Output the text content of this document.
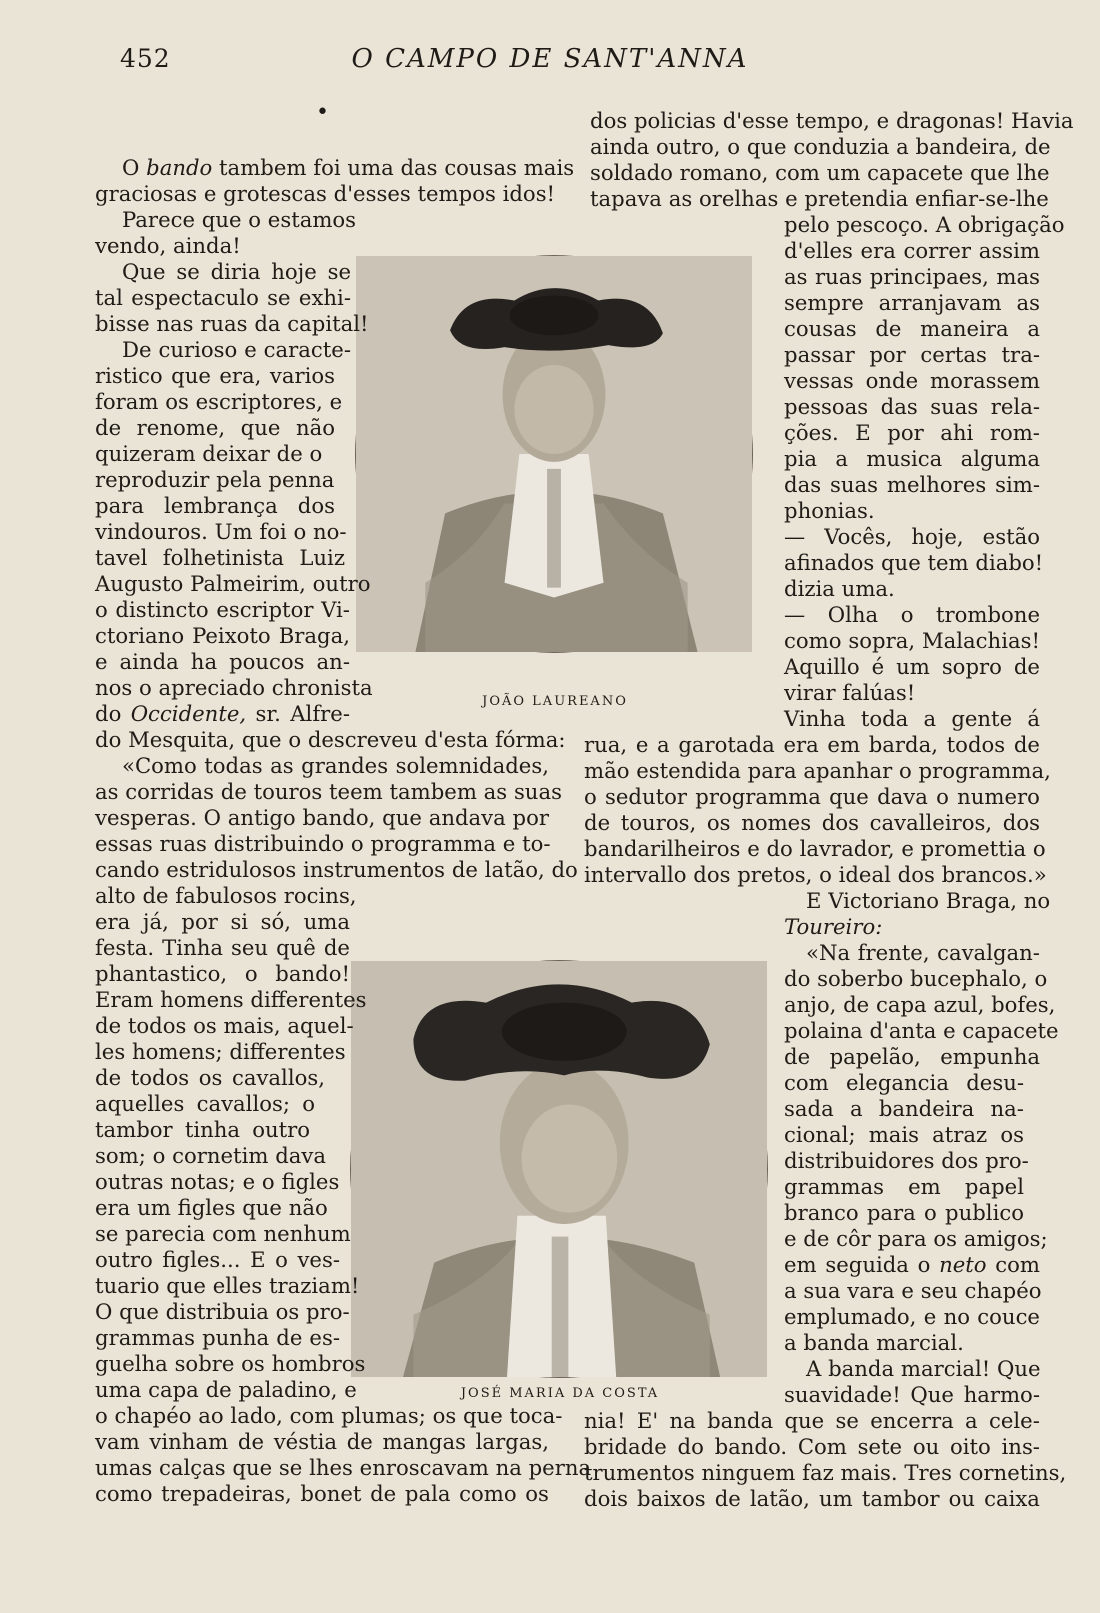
452	O CAMPO DE SANT'ANNA
•
JOÃO LAUREANO
JOSÉ MARIA DA COSTA
dos policias d'esse tempo, e dragonas! Havia
ainda outro, o que conduzia a bandeira, de
O bando tambem foi uma das cousas mais soldado romano, com um capacete que lhe
graciosas e grotescas d'esses tempos idos! tapava as orelhas e pretendia enfiar-se-lhe
Parece que o estamos	pelo pescoço. A obrigação
vendo, ainda!	d'elles era correr assim
Que se diria hoje se	as ruas principaes, mas
tal espectaculo se exhi-	sempre arranjavam as
bisse nas ruas da capital!	cousas de maneira a
De curioso e caracte-	passar por certas tra-
ristico que era, varios	vessas onde morassem
foram os escriptores, e	pessoas das suas rela-
de renome, que não	ções. E por ahi rom-
quizeram deixar de o	pia a musica alguma
reproduzir pela penna	das suas melhores sim-
para lembrança dos	phonias.
vindouros. Um foi o no-	— Vocês, hoje, estão
tavel folhetinista Luiz	afinados que tem diabo!
Augusto Palmeirim, outro	dizia uma.
o distincto escriptor Vi-	— Olha o trombone
ctoriano Peixoto Braga,	como sopra, Malachias!
e ainda ha poucos an-	Aquillo é um sopro de
nos o apreciado chronista	virar falúas!
do Occidente, sr. Alfre-	Vinha toda a gente á
do Mesquita, que o descreveu d'esta fórma: rua, e a garotada era em barda, todos de
«Como todas as grandes solemnidades, mão estendida para apanhar o programma,
as corridas de touros teem tambem as suas o sedutor programma que dava o numero
vesperas. O antigo bando, que andava por de touros, os nomes dos cavalleiros, dos
essas ruas distribuindo o programma e to- bandarilheiros e do lavrador, e promettia o
cando estridulosos instrumentos de latão, do intervallo dos pretos, o ideal dos brancos.»
alto de fabulosos rocins,	E Victoriano Braga, no
era já, por si só, uma	Toureiro:
festa. Tinha seu quê de	«Na frente, cavalgan-
phantastico, o bando!	do soberbo bucephalo, o
Eram homens differentes	anjo, de capa azul, bofes,
de todos os mais, aquel-	polaina d'anta e capacete
les homens; differentes	de papelão, empunha
de todos os cavallos,	com elegancia desu-
aquelles cavallos; o	sada a bandeira na-
tambor tinha outro	cional; mais atraz os
som; o cornetim dava	distribuidores dos pro-
outras notas; e o figles	grammas em papel
era um figles que não	branco para o publico
se parecia com nenhum	e de côr para os amigos;
outro figles... E o ves-	em seguida o neto com
tuario que elles traziam!	a sua vara e seu chapéo
O que distribuia os pro-	emplumado, e no couce
grammas punha de es-	a banda marcial.
guelha sobre os hombros	A banda marcial! Que
uma capa de paladino, e	suavidade! Que harmo-
o chapéo ao lado, com plumas; os que toca- nia! E' na banda que se encerra a cele-
vam vinham de véstia de mangas largas, bridade do bando. Com sete ou oito ins-
umas calças que se lhes enroscavam na perna
trumentos ninguem faz mais. Tres cornetins,
como trepadeiras, bonet de pala como os dois baixos de latão, um tambor ou caixa
